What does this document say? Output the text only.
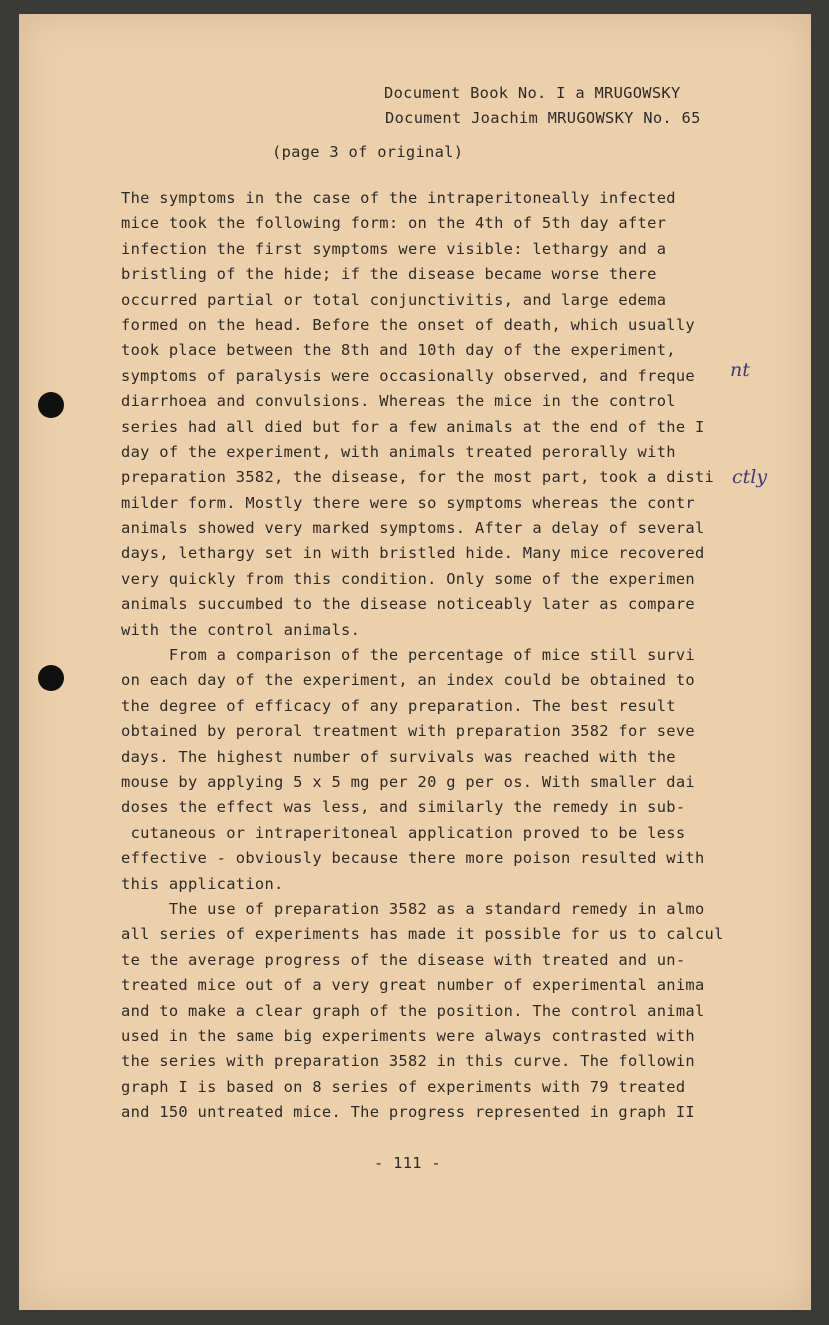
Document Book No. I a MRUGOWSKY

Document Joachim MRUGOWSKY No. 65

(page 3 of original)

The symptoms in the case of the intraperitoneally infected
mice took the following form: on the 4th of 5th day after
infection the first symptoms were visible: lethargy and a
bristling of the hide; if the disease became worse there
occurred partial or total conjunctivitis, and large edema
formed on the head. Before the onset of death, which usually
took place between the 8th and 10th day of the experiment,
symptoms of paralysis were occasionally observed, and freque
diarrhoea and convulsions. Whereas the mice in the control
series had all died but for a few animals at the end of the I
day of the experiment, with animals treated perorally with
preparation 3582, the disease, for the most part, took a disti
milder form. Mostly there were so symptoms whereas the contr
animals showed very marked symptoms. After a delay of several
days, lethargy set in with bristled hide. Many mice recovered
very quickly from this condition. Only some of the experimen
animals succumbed to the disease noticeably later as compare
with the control animals.
From a comparison of the percentage of mice still survi
on each day of the experiment, an index could be obtained to
the degree of efficacy of any preparation. The best result
obtained by peroral treatment with preparation 3582 for seve
days. The highest number of survivals was reached with the
mouse by applying 5 x 5 mg per 20 g per os. With smaller dai
doses the effect was less, and similarly the remedy in sub-
cutaneous or intraperitoneal application proved to be less
effective - obviously because there more poison resulted with
this application.
The use of preparation 3582 as a standard remedy in almo
all series of experiments has made it possible for us to calcul
te the average progress of the disease with treated and un-
treated mice out of a very great number of experimental anima
and to make a clear graph of the position. The control animal
used in the same big experiments were always contrasted with
the series with preparation 3582 in this curve. The followin
graph I is based on 8 series of experiments with 79 treated
and 150 untreated mice. The progress represented in graph II
nt
ctly

- 111 -
